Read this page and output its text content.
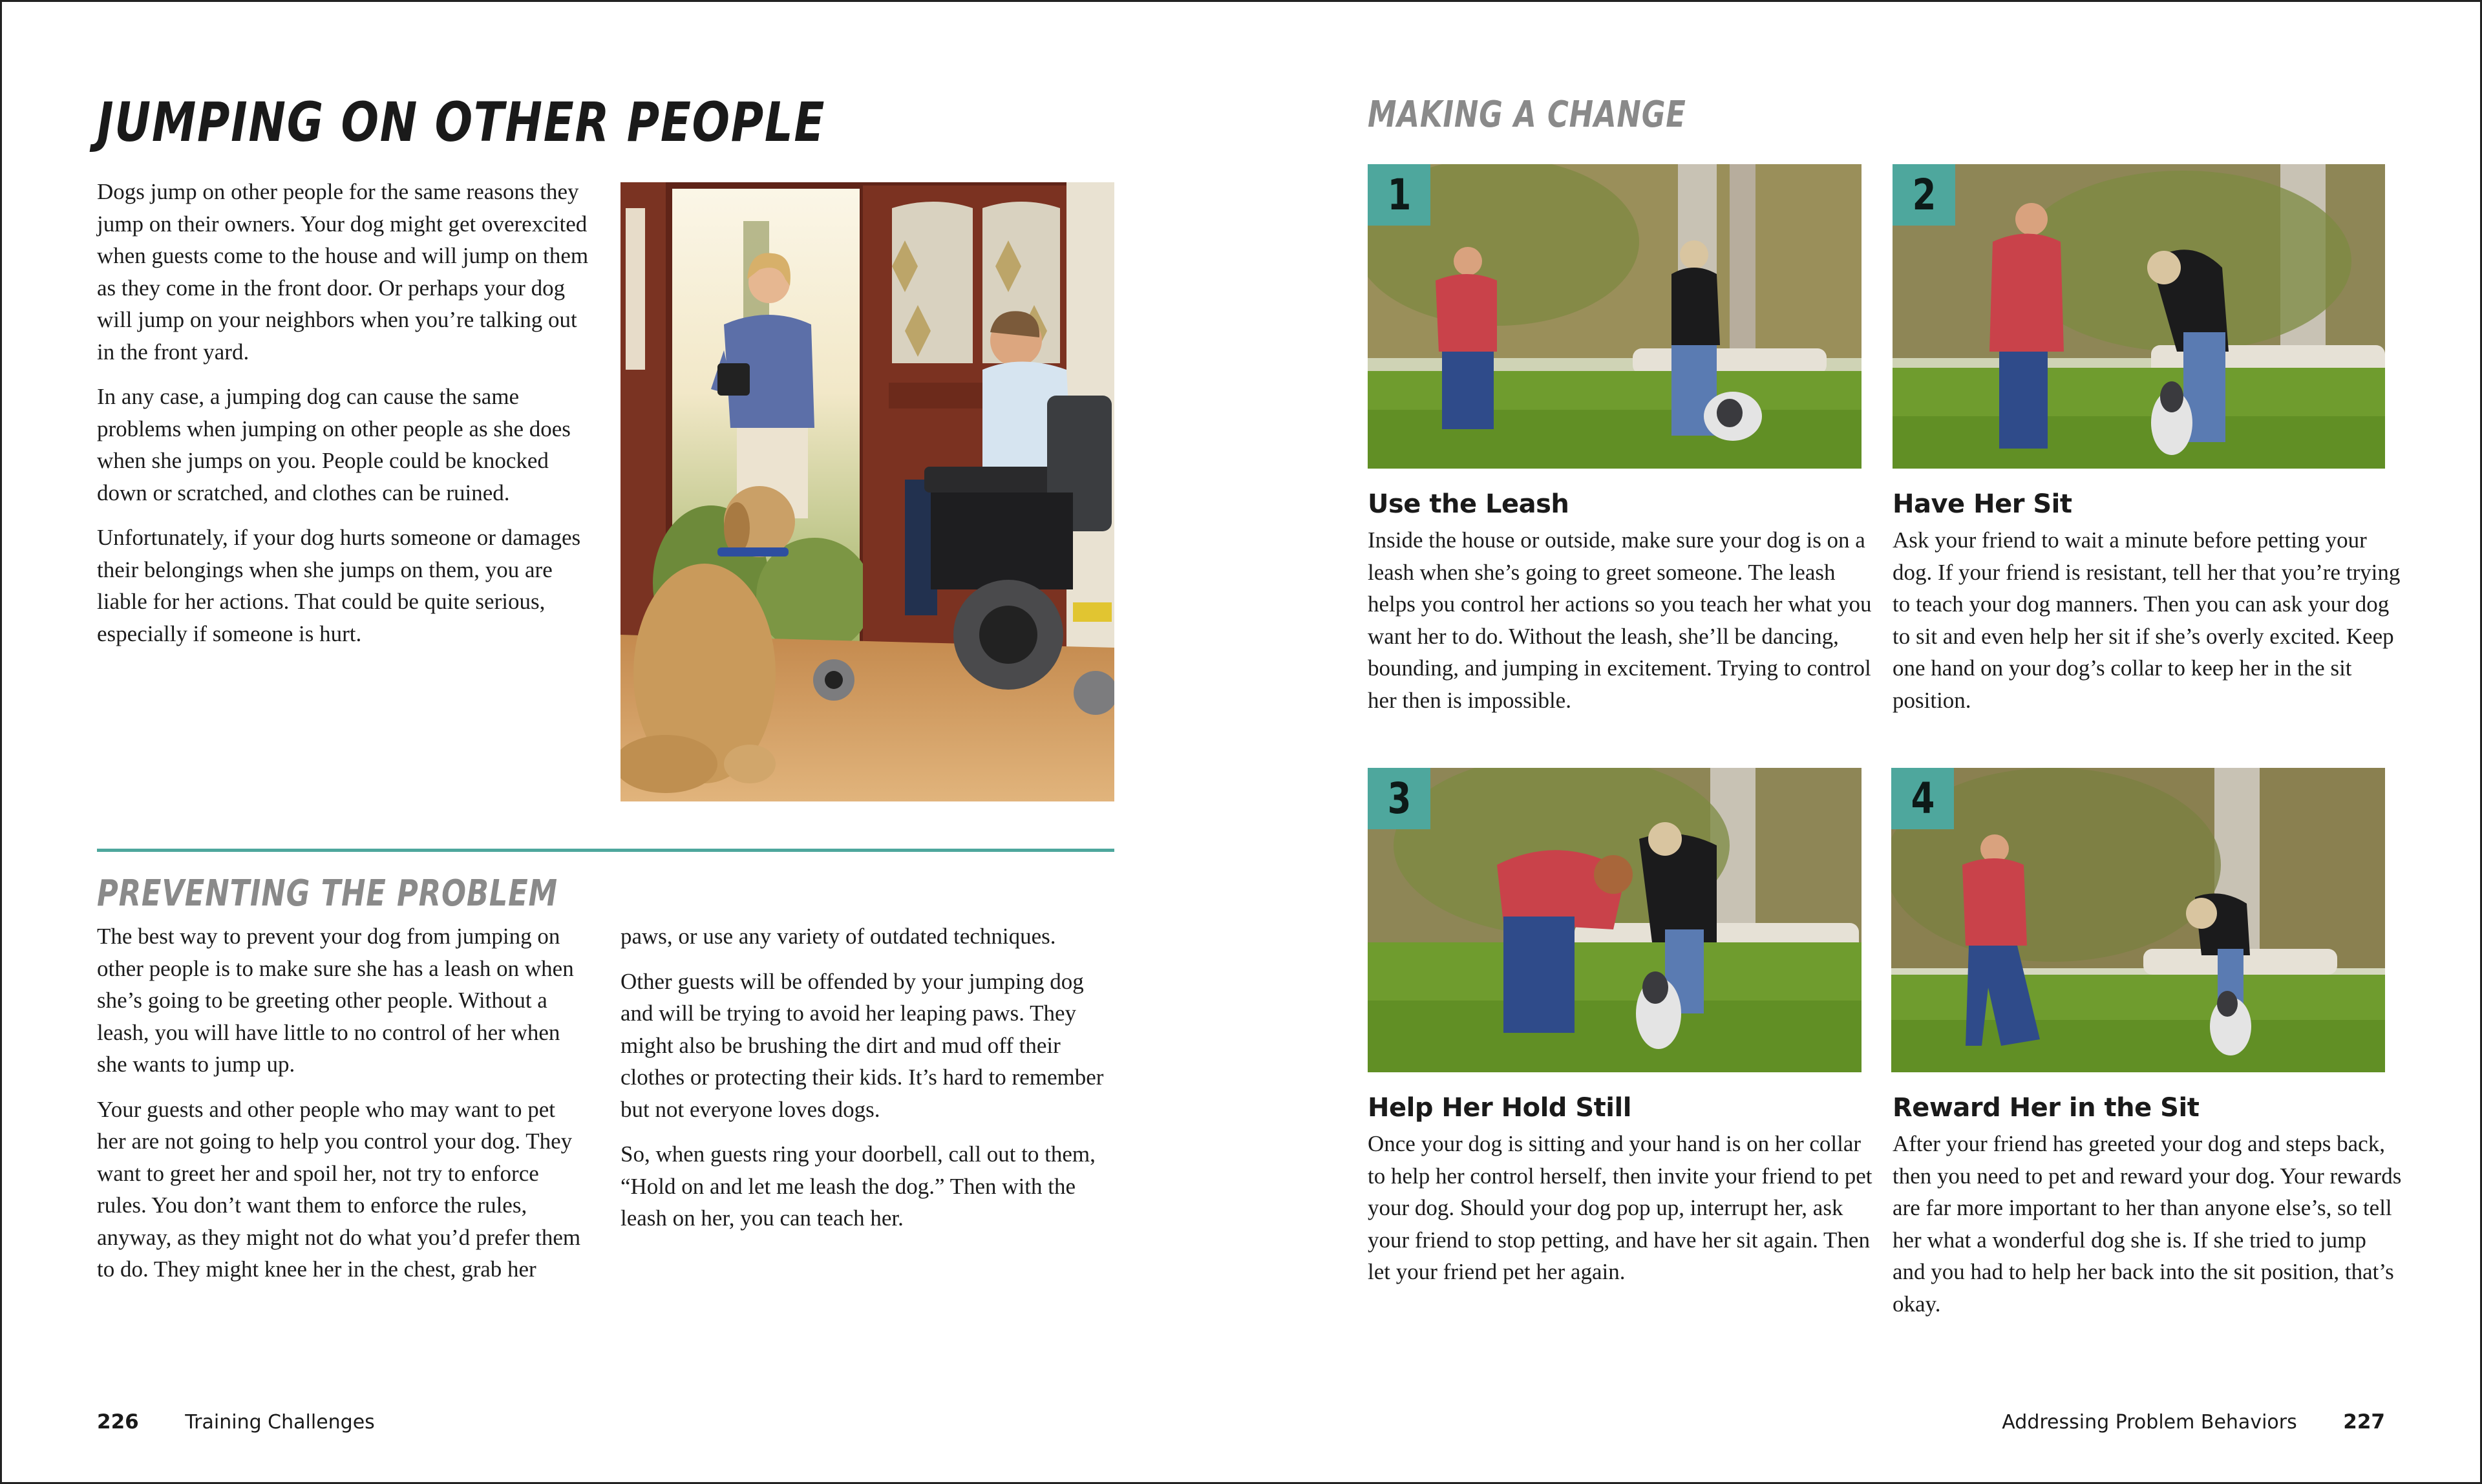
JUMPING ON OTHER PEOPLE

Dogs jump on other people for the same reasons they jump on their owners. Your dog might get overexcited when guests come to the house and will jump on them as they come in the front door. Or perhaps your dog will jump on your neighbors when you’re talking out in the front yard.

In any case, a jumping dog can cause the same problems when jumping on other people as she does when she jumps on you. People could be knocked down or scratched, and clothes can be ruined.

Unfortunately, if your dog hurts someone or damages their belongings when she jumps on them, you are liable for her actions. That could be quite serious, especially if someone is hurt.

PREVENTING THE PROBLEM

The best way to prevent your dog from jumping on other people is to make sure she has a leash on when she’s going to be greeting other people. Without a leash, you will have little to no control of her when she wants to jump up.

Your guests and other people who may want to pet her are not going to help you control your dog. They want to greet her and spoil her, not try to enforce rules. You don’t want them to enforce the rules, anyway, as they might not do what you’d prefer them to do. They might knee her in the chest, grab her

paws, or use any variety of outdated techniques.

Other guests will be offended by your jumping dog and will be trying to avoid her leaping paws. They might also be brushing the dirt and mud off their clothes or protecting their kids. It’s hard to remember but not everyone loves dogs.

So, when guests ring your doorbell, call out to them, “Hold on and let me leash the dog.” Then with the leash on her, you can teach her.

226 Training Challenges
MAKING A CHANGE
1
Use the Leash
Inside the house or outside, make sure your dog is on a leash when she’s going to greet someone. The leash helps you control her actions so you teach her what you want her to do. Without the leash, she’ll be dancing, bounding, and jumping in excitement. Trying to control her then is impossible.
2
Have Her Sit
Ask your friend to wait a minute before petting your dog. If your friend is resistant, tell her that you’re trying to teach your dog manners. Then you can ask your dog to sit and even help her sit if she’s overly excited. Keep one hand on your dog’s collar to keep her in the sit position.
3
Help Her Hold Still
Once your dog is sitting and your hand is on her collar to help her control herself, then invite your friend to pet your dog. Should your dog pop up, interrupt her, ask your friend to stop petting, and have her sit again. Then let your friend pet her again.
4
Reward Her in the Sit
After your friend has greeted your dog and steps back, then you need to pet and reward your dog. Your rewards are far more important to her than anyone else’s, so tell her what a wonderful dog she is. If she tried to jump and you had to help her back into the sit position, that’s okay.
Addressing Problem Behaviors 227
